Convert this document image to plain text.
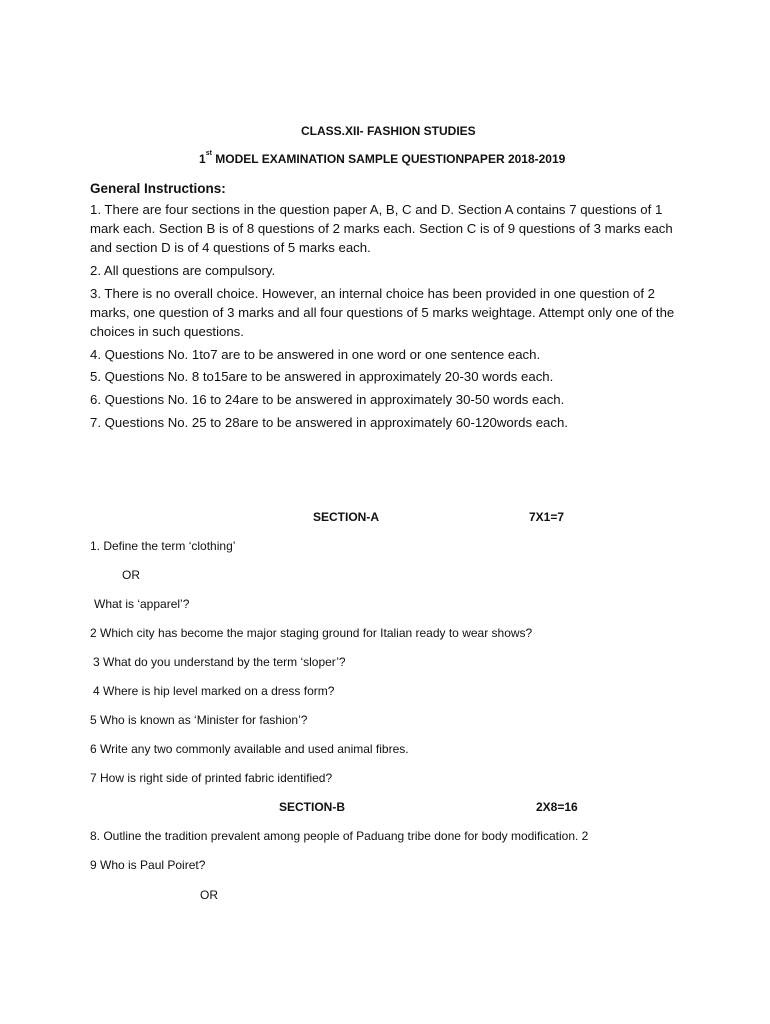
CLASS.XII- FASHION STUDIES
1st MODEL EXAMINATION SAMPLE QUESTIONPAPER 2018-2019
General Instructions:
1. There are four sections in the question paper A, B, C and D. Section A contains 7 questions of 1 mark each. Section B is of 8 questions of 2 marks each. Section C is of 9 questions of 3 marks each and section D is of 4 questions of 5 marks each.
2. All questions are compulsory.
3. There is no overall choice. However, an internal choice has been provided in one question of 2 marks, one question of 3 marks and all four questions of 5 marks weightage. Attempt only one of the choices in such questions.
4. Questions No. 1to7 are to be answered in one word or one sentence each.
5. Questions No. 8 to15are to be answered in approximately 20-30 words each.
6. Questions No. 16 to 24are to be answered in approximately 30-50 words each.
7. Questions No. 25 to 28are to be answered in approximately 60-120words each.
SECTION-A	7X1=7
1. Define the term ‘clothing’
OR
What is ‘apparel’?
2 Which city has become the major staging ground for Italian ready to wear shows?
3 What do you understand by the term ‘sloper’?
4 Where is hip level marked on a dress form?
5 Who is known as ‘Minister for fashion’?
6 Write any two commonly available and used animal fibres.
7 How is right side of printed fabric identified?
SECTION-B	2X8=16
8. Outline the tradition prevalent among people of Paduang tribe done for body modification. 2
9 Who is Paul Poiret?
OR
